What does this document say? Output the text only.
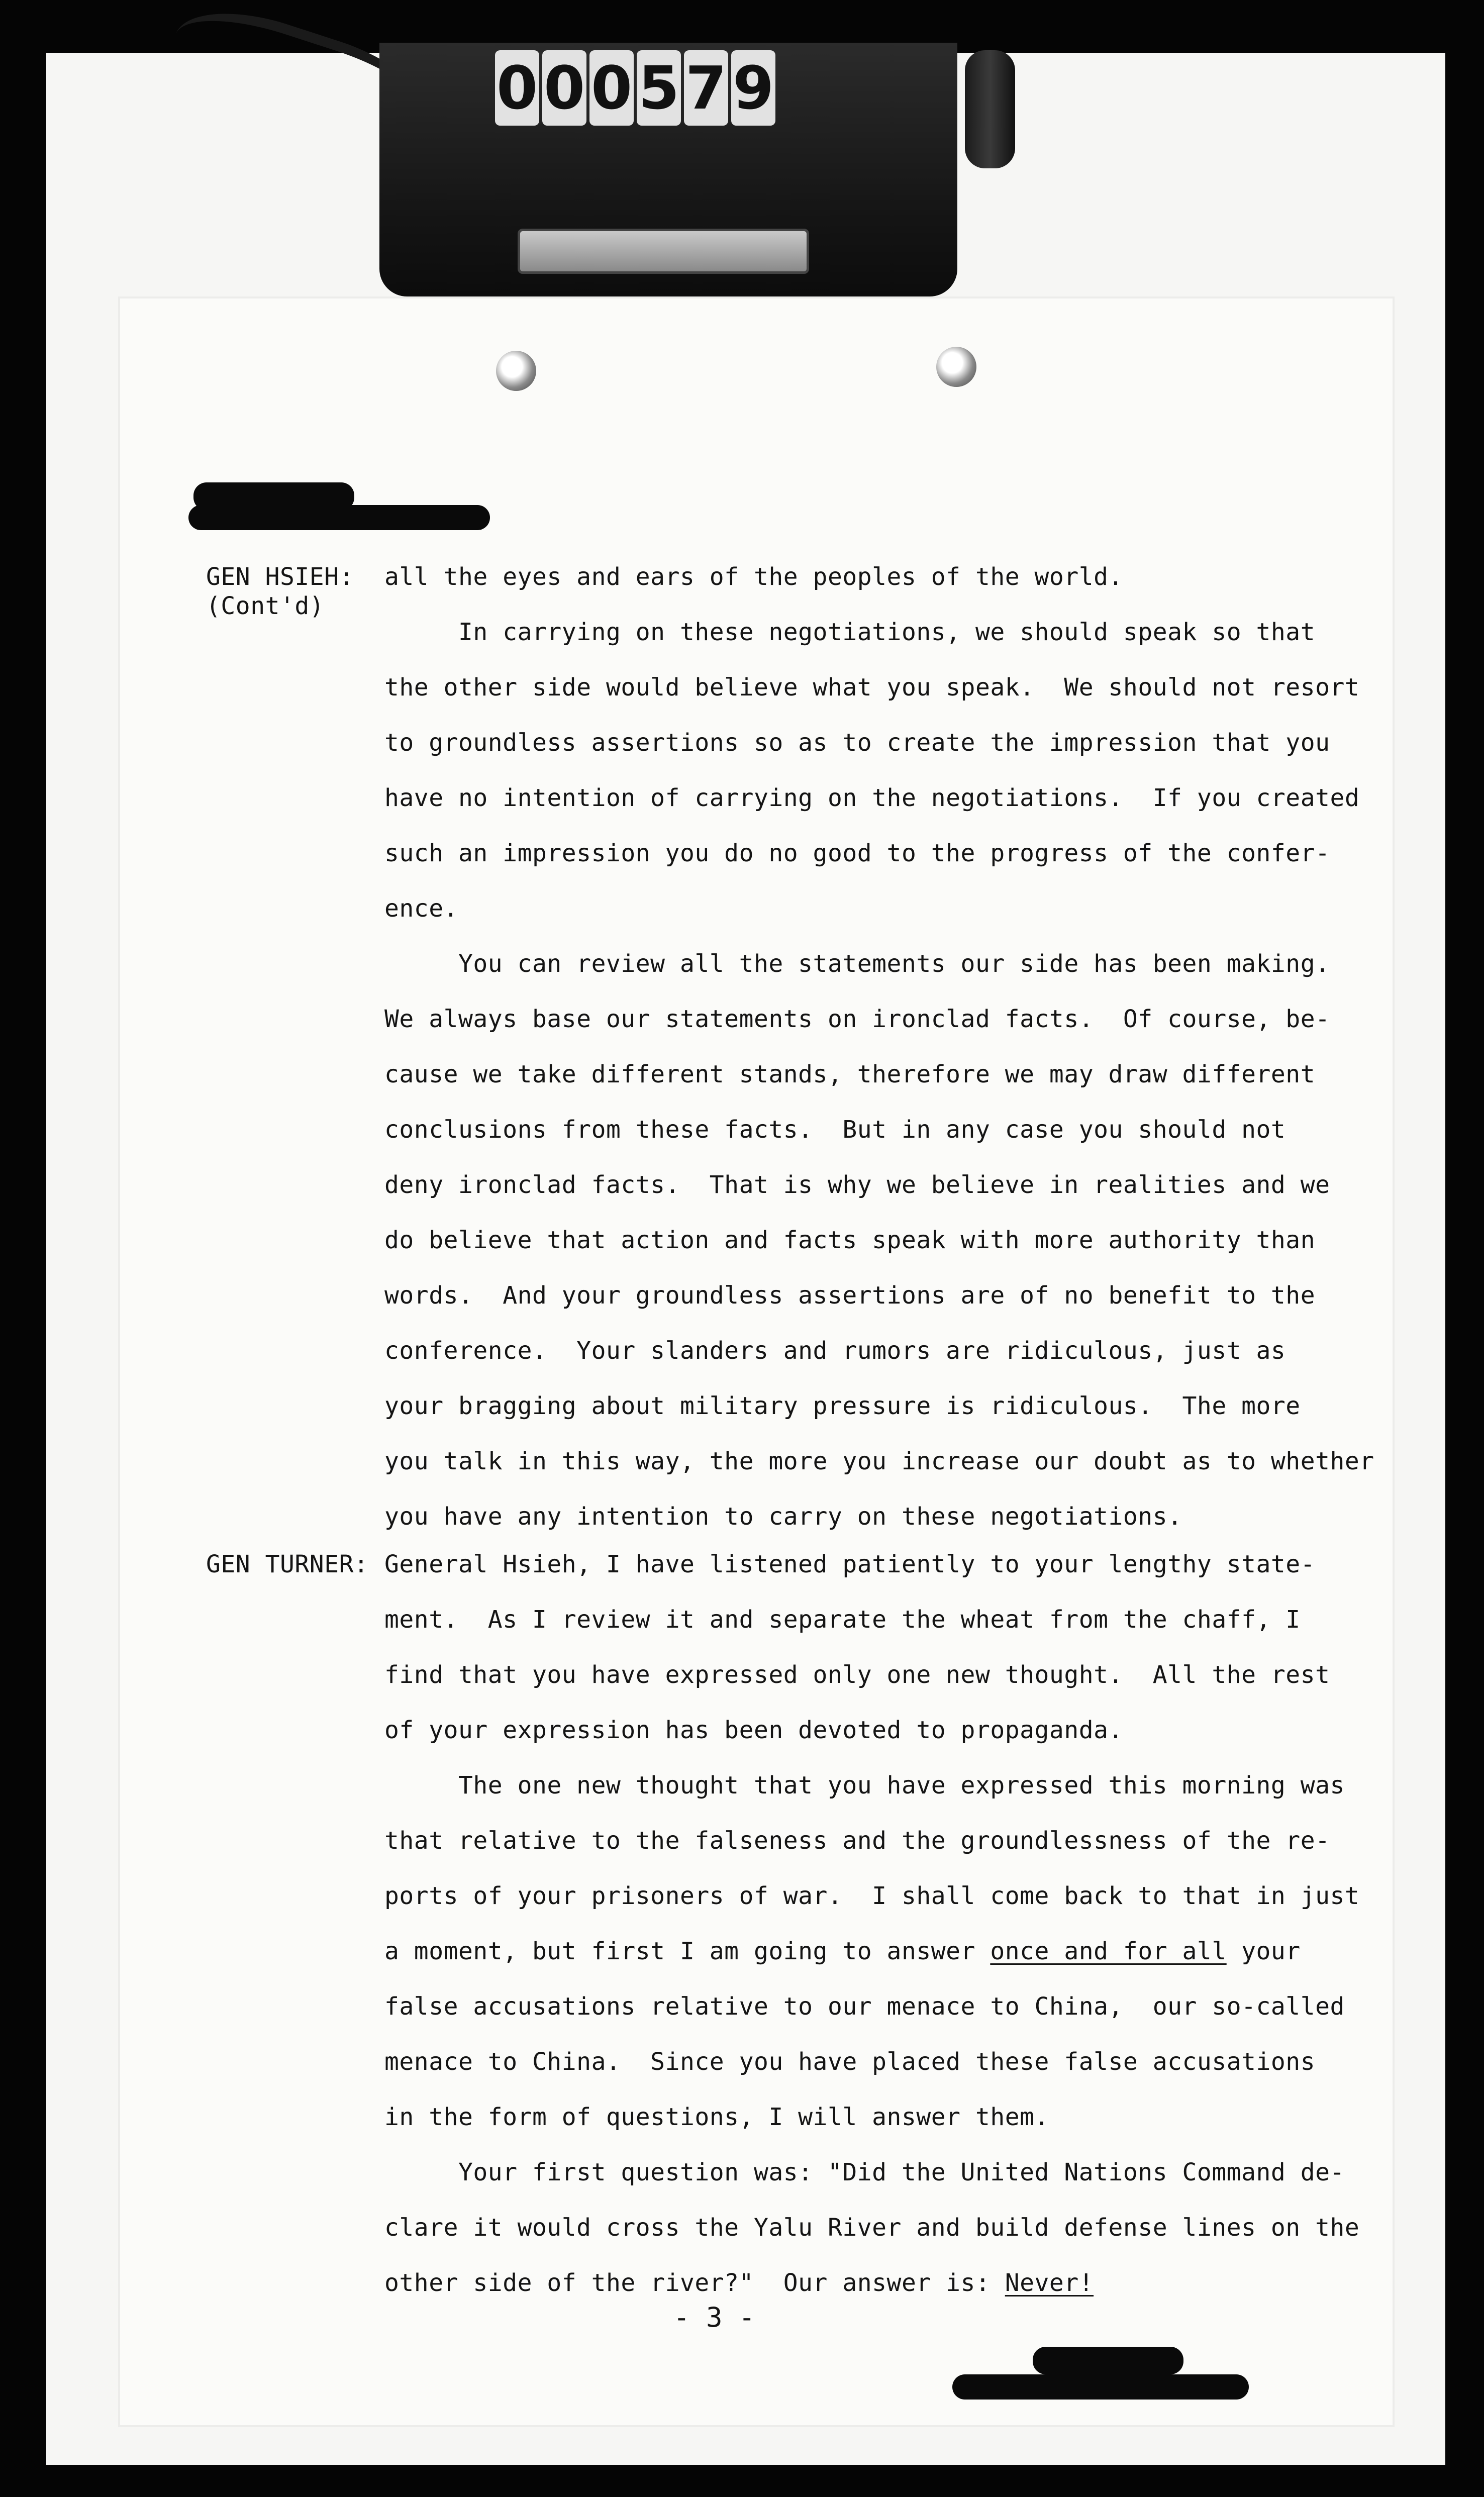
0 0 0 5 7 9
GEN HSIEH:
(Cont'd)
GEN TURNER:
all the eyes and ears of the peoples of the world.
In carrying on these negotiations, we should speak so that
the other side would believe what you speak.  We should not resort
to groundless assertions so as to create the impression that you
have no intention of carrying on the negotiations.  If you created
such an impression you do no good to the progress of the confer-
ence.
You can review all the statements our side has been making.
We always base our statements on ironclad facts.  Of course, be-
cause we take different stands, therefore we may draw different
conclusions from these facts.  But in any case you should not
deny ironclad facts.  That is why we believe in realities and we
do believe that action and facts speak with more authority than
words.  And your groundless assertions are of no benefit to the
conference.  Your slanders and rumors are ridiculous, just as
your bragging about military pressure is ridiculous.  The more
you talk in this way, the more you increase our doubt as to whether
you have any intention to carry on these negotiations.
General Hsieh, I have listened patiently to your lengthy state-
ment.  As I review it and separate the wheat from the chaff, I
find that you have expressed only one new thought.  All the rest
of your expression has been devoted to propaganda.
The one new thought that you have expressed this morning was
that relative to the falseness and the groundlessness of the re-
ports of your prisoners of war.  I shall come back to that in just
a moment, but first I am going to answer once and for all your
false accusations relative to our menace to China,  our so-called
menace to China.  Since you have placed these false accusations
in the form of questions, I will answer them.
Your first question was: "Did the United Nations Command de-
clare it would cross the Yalu River and build defense lines on the
other side of the river?"  Our answer is: Never!
- 3 -
